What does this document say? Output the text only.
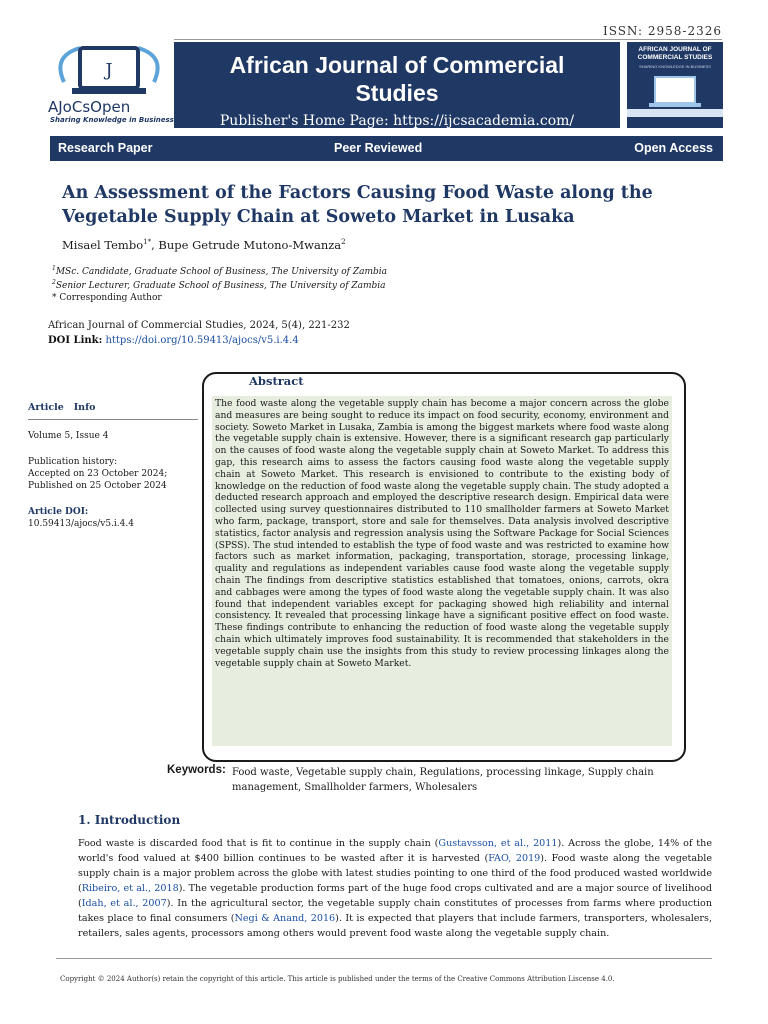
ISSN: 2958-2326
J
AJoCsOpen
Sharing Knowledge in Business
African Journal of Commercial
Studies
Publisher's Home Page: https://ijcsacademia.com/
AFRICAN JOURNAL OF COMMERCIAL STUDIES
SHARING KNOWLEDGE IN BUSINESS
Research Paper	Peer Reviewed	Open Access
An Assessment of the Factors Causing Food Waste along the
Vegetable Supply Chain at Soweto Market in Lusaka
Misael Tembo$^{1*}$, Bupe Getrude Mutono-Mwanza$^2$
$^1$MSc. Candidate, Graduate School of Business, The University of Zambia
$^2$Senior Lecturer, Graduate School of Business, The University of Zambia
* Corresponding Author
African Journal of Commercial Studies, 2024, 5(4), 221-232
DOI Link: https://doi.org/10.59413/ajocs/v5.i.4.4
Article   Info
Volume 5, Issue 4
Publication history:
Accepted on 23 October 2024;
Published on 25 October 2024
Article DOI:
10.59413/ajocs/v5.i.4.4
Abstract
The food waste along the vegetable supply chain has become a major concern across the globe and measures are being sought to reduce its impact on food security, economy, environment and society. Soweto Market in Lusaka, Zambia is among the biggest markets where food waste along the vegetable supply chain is extensive. However, there is a significant research gap particularly on the causes of food waste along the vegetable supply chain at Soweto Market. To address this gap, this research aims to assess the factors causing food waste along the vegetable supply chain at Soweto Market. This research is envisioned to contribute to the existing body of knowledge on the reduction of food waste along the vegetable supply chain. The study adopted a deducted research approach and employed the descriptive research design. Empirical data were collected using survey questionnaires distributed to 110 smallholder farmers at Soweto Market who farm, package, transport, store and sale for themselves. Data analysis involved descriptive statistics, factor analysis and regression analysis using the Software Package for Social Sciences (SPSS). The stud intended to establish the type of food waste and was restricted to examine how factors such as market information, packaging, transportation, storage, processing linkage, quality and regulations as independent variables cause food waste along the vegetable supply chain The findings from descriptive statistics established that tomatoes, onions, carrots, okra and cabbages were among the types of food waste along the vegetable supply chain. It was also found that independent variables except for packaging showed high reliability and internal consistency. It revealed that processing linkage have a significant positive effect on food waste. These findings contribute to enhancing the reduction of food waste along the vegetable supply chain which ultimately improves food sustainability. It is recommended that stakeholders in the vegetable supply chain use the insights from this study to review processing linkages along the vegetable supply chain at Soweto Market.
Keywords: Food waste, Vegetable supply chain, Regulations, processing linkage, Supply chain management, Smallholder farmers, Wholesalers
1. Introduction
Food waste is discarded food that is fit to continue in the supply chain (Gustavsson, et al., 2011). Across the globe, 14% of the world's food valued at $400 billion continues to be wasted after it is harvested (FAO, 2019). Food waste along the vegetable supply chain is a major problem across the globe with latest studies pointing to one third of the food produced wasted worldwide (Ribeiro, et al., 2018). The vegetable production forms part of the huge food crops cultivated and are a major source of livelihood (Idah, et al., 2007). In the agricultural sector, the vegetable supply chain constitutes of processes from farms where production takes place to final consumers (Negi & Anand, 2016). It is expected that players that include farmers, transporters, wholesalers, retailers, sales agents, processors among others would prevent food waste along the vegetable supply chain.
Copyright © 2024 Author(s) retain the copyright of this article. This article is published under the terms of the Creative Commons Attribution Liscense 4.0.
